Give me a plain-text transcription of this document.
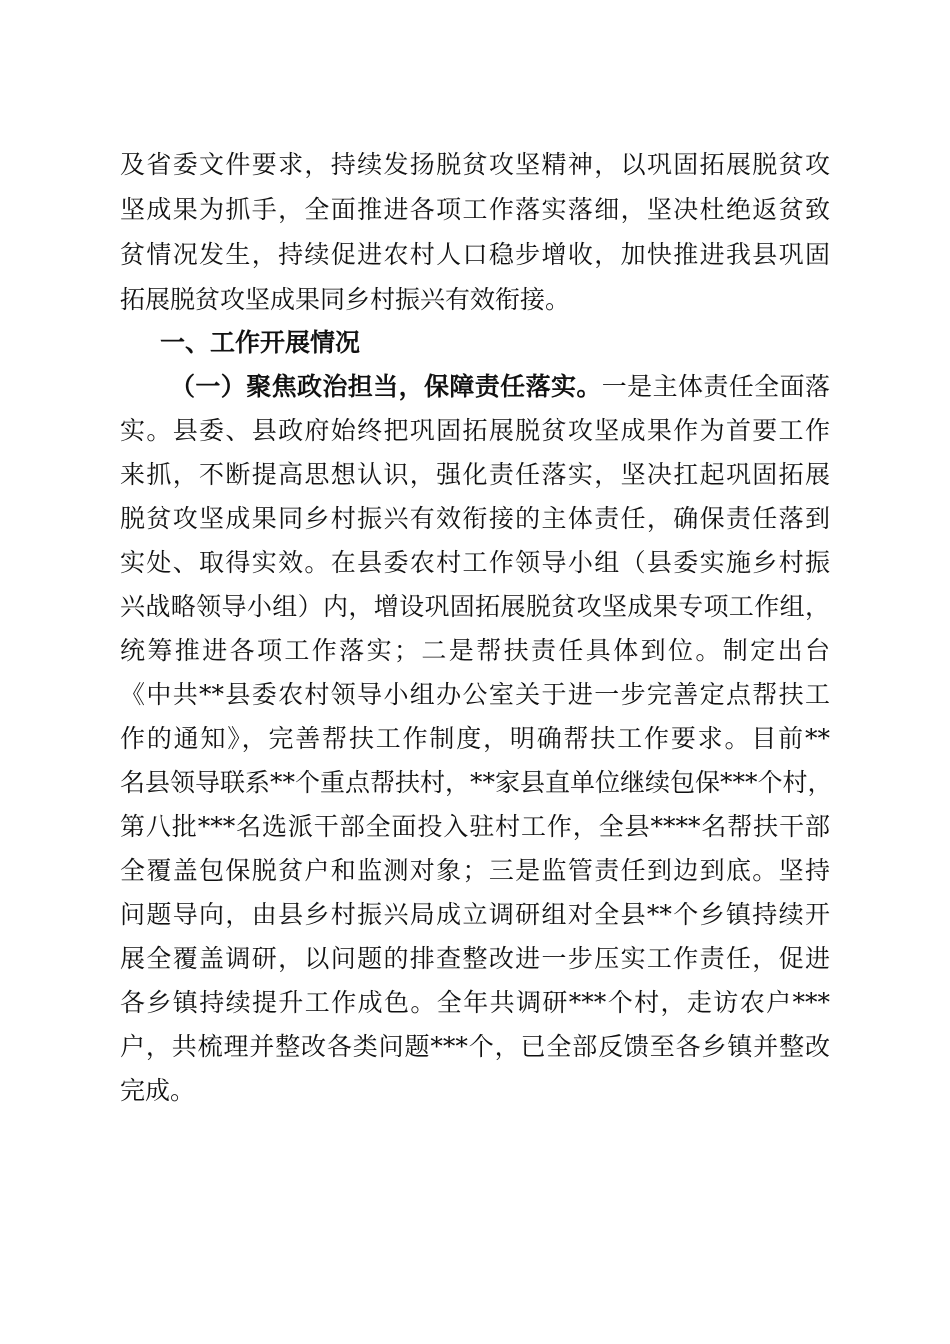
及省委文件要求，持续发扬脱贫攻坚精神，以巩固拓展脱贫攻
坚成果为抓手，全面推进各项工作落实落细，坚决杜绝返贫致
贫情况发生，持续促进农村人口稳步增收，加快推进我县巩固
拓展脱贫攻坚成果同乡村振兴有效衔接。
一、工作开展情况
（一）聚焦政治担当，保障责任落实。一是主体责任全面落
实。县委、县政府始终把巩固拓展脱贫攻坚成果作为首要工作
来抓，不断提高思想认识，强化责任落实，坚决扛起巩固拓展
脱贫攻坚成果同乡村振兴有效衔接的主体责任，确保责任落到
实处、取得实效。在县委农村工作领导小组（县委实施乡村振
兴战略领导小组）内，增设巩固拓展脱贫攻坚成果专项工作组，
统筹推进各项工作落实；二是帮扶责任具体到位。制定出台
《中共**县委农村领导小组办公室关于进一步完善定点帮扶工
作的通知》，完善帮扶工作制度，明确帮扶工作要求。目前**
名县领导联系**个重点帮扶村，**家县直单位继续包保***个村，
第八批***名选派干部全面投入驻村工作，全县****名帮扶干部
全覆盖包保脱贫户和监测对象；三是监管责任到边到底。坚持
问题导向，由县乡村振兴局成立调研组对全县**个乡镇持续开
展全覆盖调研，以问题的排查整改进一步压实工作责任，促进
各乡镇持续提升工作成色。全年共调研***个村，走访农户***
户，共梳理并整改各类问题***个，已全部反馈至各乡镇并整改
完成。
